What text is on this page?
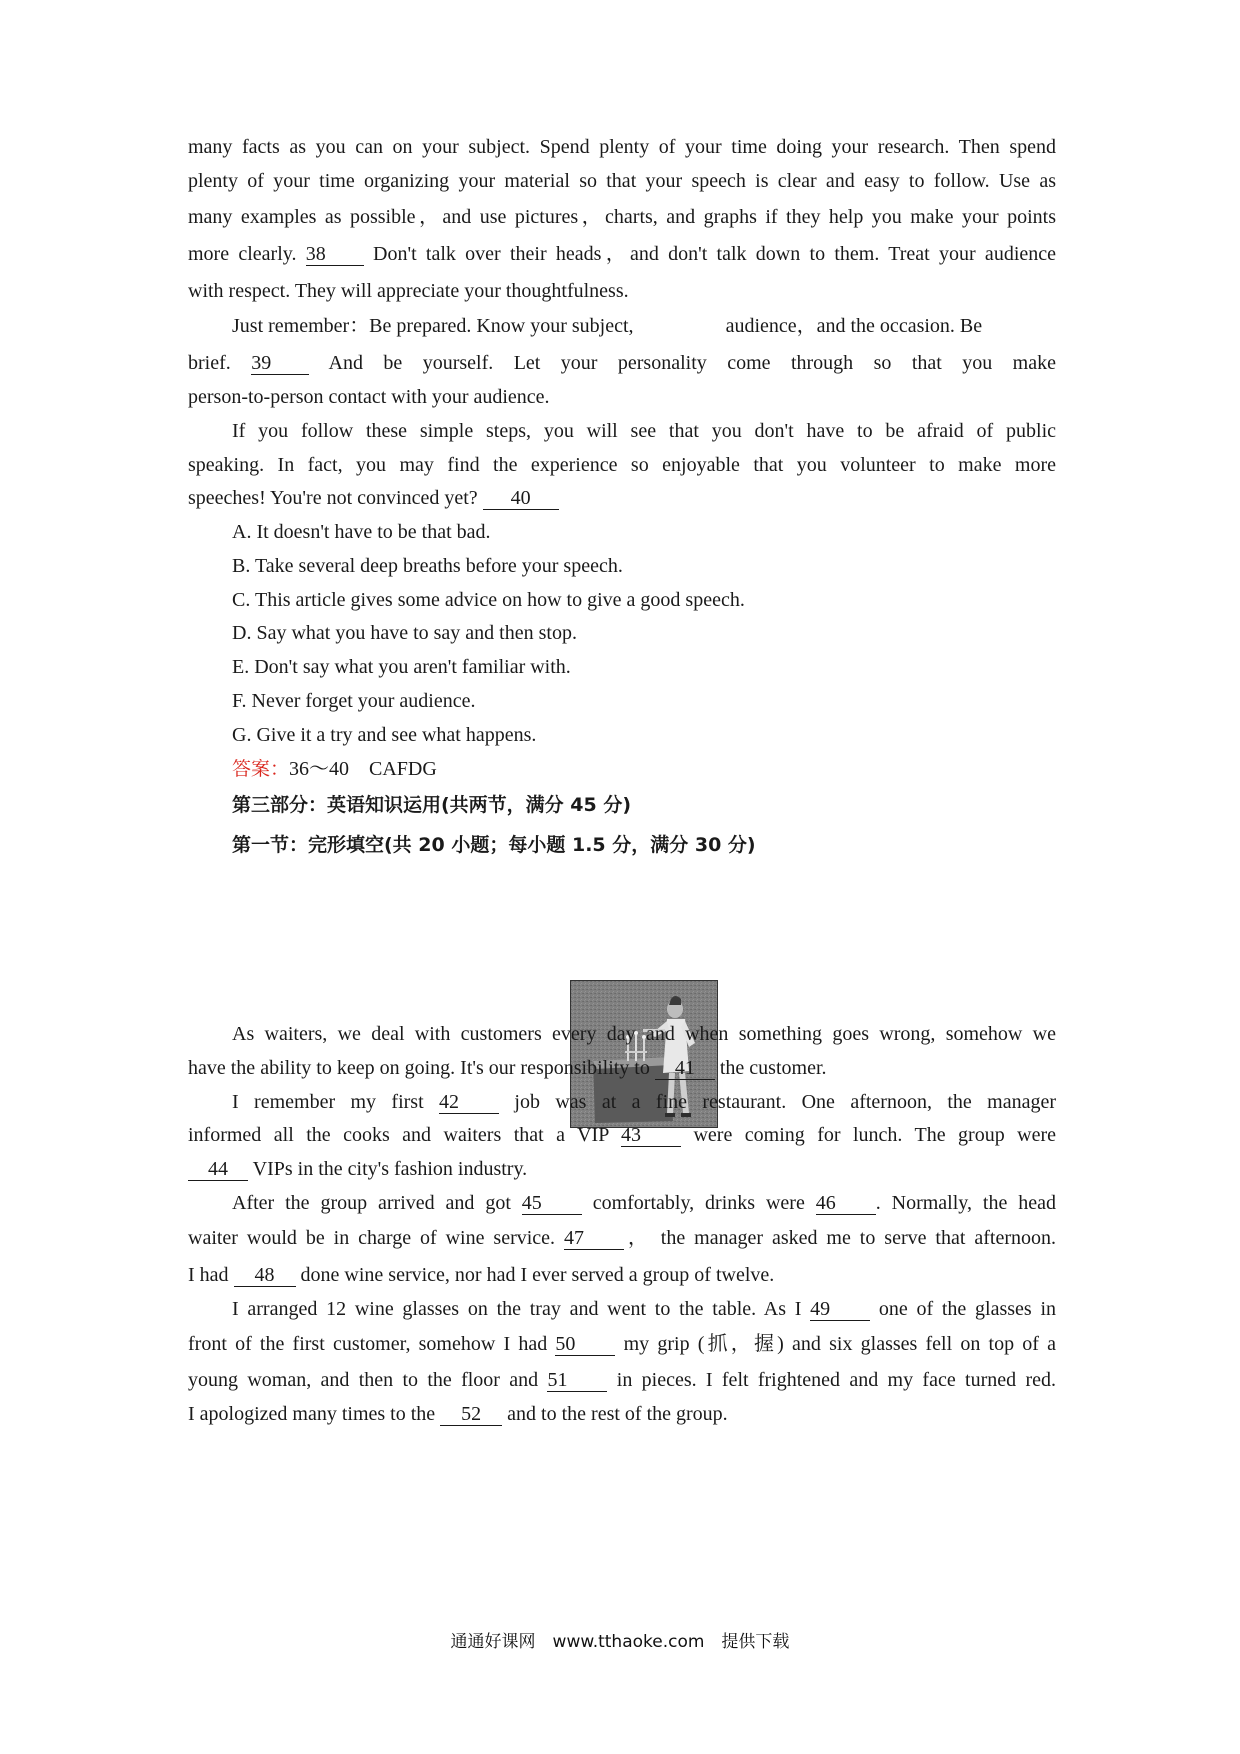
many facts as you can on your subject. Spend plenty of your time doing your research. Then spend
plenty of your time organizing your material so that your speech is clear and easy to follow. Use as
many examples as possible，and use pictures，charts, and graphs if they help you make your points
more clearly. 38 Don't talk over their heads，and don't talk down to them. Treat your audience
with respect. They will appreciate your thoughtfulness.
Just remember：Be prepared. Know your subject,	audience，and the occasion. Be
brief. 39 And be yourself. Let your personality come through so that you make
person-to-person contact with your audience.
If you follow these simple steps, you will see that you don't have to be afraid of public
speaking. In fact, you may find the experience so enjoyable that you volunteer to make more
speeches! You're not convinced yet? 40
A. It doesn't have to be that bad.
B. Take several deep breaths before your speech.
C. This article gives some advice on how to give a good speech.
D. Say what you have to say and then stop.
E. Don't say what you aren't familiar with.
F. Never forget your audience.
G. Give it a try and see what happens.
答案：36～40　CAFDG
第三部分：英语知识运用(共两节，满分 45 分)
第一节：完形填空(共 20 小题；每小题 1.5 分，满分 30 分)
As waiters, we deal with customers every day and when something goes wrong, somehow we
have the ability to keep on going. It's our responsibility to 41 the customer.
I remember my first 42 job was at a fine restaurant. One afternoon, the manager
informed all the cooks and waiters that a VIP 43 were coming for lunch. The group were
44 VIPs in the city's fashion industry.
After the group arrived and got 45 comfortably, drinks were 46 . Normally, the head
waiter would be in charge of wine service. 47 ， the manager asked me to serve that afternoon.
I had 48 done wine service, nor had I ever served a group of twelve.
I arranged 12 wine glasses on the tray and went to the table. As I 49 one of the glasses in
front of the first customer, somehow I had 50 my grip (抓，握) and six glasses fell on top of a
young woman, and then to the floor and 51 in pieces. I felt frightened and my face turned red.
I apologized many times to the 52 and to the rest of the group.
通通好课网　www.tthaoke.com　提供下载
